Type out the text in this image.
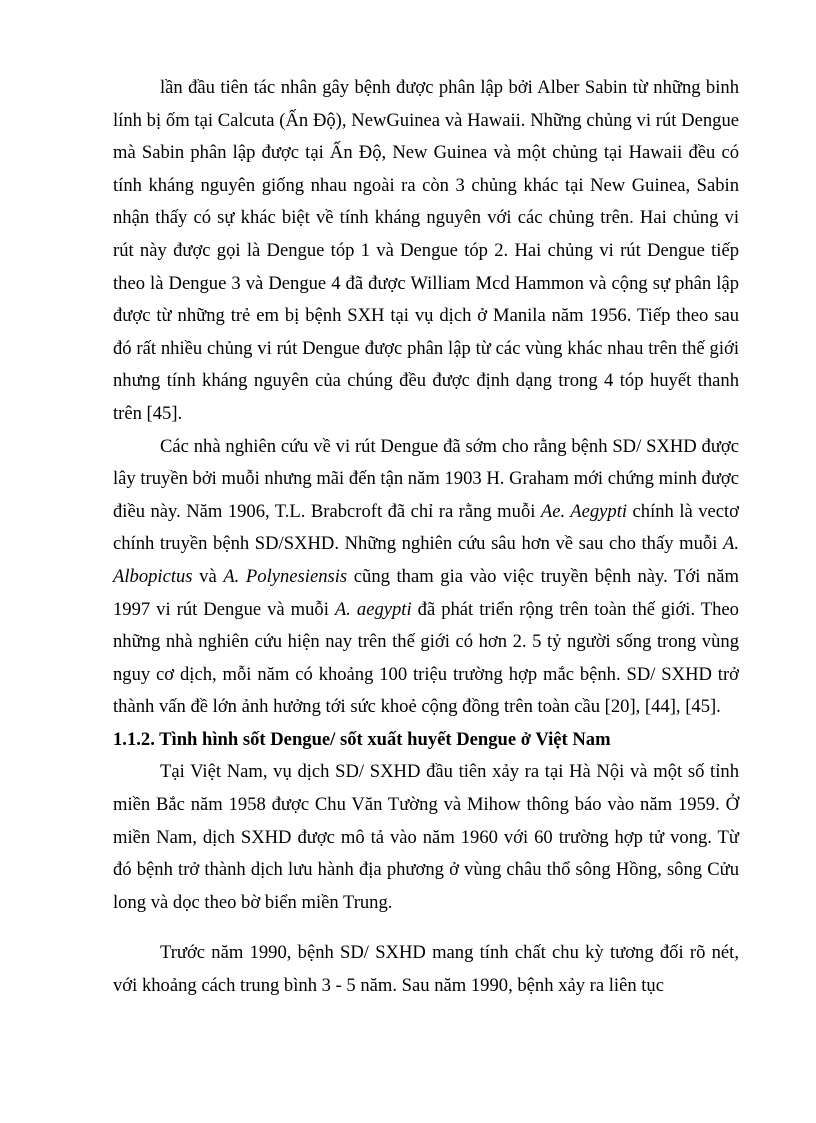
lần đầu tiên tác nhân gây bệnh được phân lập bởi Alber Sabin từ những binh lính bị ốm tại Calcuta (Ấn Độ), NewGuinea và Hawaii. Những chủng vi rút Dengue mà Sabin phân lập được tại Ấn Độ, New Guinea và một chủng tại Hawaii đều có tính kháng nguyên giống nhau ngoài ra còn 3 chủng khác tại New Guinea, Sabin nhận thấy có sự khác biệt về tính kháng nguyên với các chủng trên. Hai chủng vi rút này được gọi là Dengue tóp 1 và Dengue tóp 2. Hai chủng vi rút Dengue tiếp theo là Dengue 3 và Dengue 4 đã được William Mcd Hammon và cộng sự phân lập được từ những trẻ em bị bệnh SXH tại vụ dịch ở Manila năm 1956. Tiếp theo sau đó rất nhiều chủng vi rút Dengue được phân lập từ các vùng khác nhau trên thế giới nhưng tính kháng nguyên của chúng đều được định dạng trong 4 tóp huyết thanh trên [45].

Các nhà nghiên cứu về vi rút Dengue đã sớm cho rằng bệnh SD/ SXHD được lây truyền bởi muỗi nhưng mãi đến tận năm 1903 H. Graham mới chứng minh được điều này. Năm 1906, T.L. Brabcroft đã chỉ ra rằng muỗi Ae. Aegypti chính là vectơ chính truyền bệnh SD/SXHD. Những nghiên cứu sâu hơn về sau cho thấy muỗi A. Albopictus và A. Polynesiensis cũng tham gia vào việc truyền bệnh này. Tới năm 1997 vi rút Dengue và muỗi A. aegypti đã phát triển rộng trên toàn thế giới. Theo những nhà nghiên cứu hiện nay trên thế giới có hơn 2. 5 tỷ người sống trong vùng nguy cơ dịch, mỗi năm có khoảng 100 triệu trường hợp mắc bệnh. SD/ SXHD trở thành vấn đề lớn ảnh hưởng tới sức khoẻ cộng đồng trên toàn cầu [20], [44], [45].

1.1.2. Tình hình sốt Dengue/ sốt xuất huyết Dengue ở Việt Nam

Tại Việt Nam, vụ dịch SD/ SXHD đầu tiên xảy ra tại Hà Nội và một số tỉnh miền Bắc năm 1958 được Chu Văn Tường và Mihow thông báo vào năm 1959. Ở miền Nam, dịch SXHD được mô tả vào năm 1960 với 60 trường hợp tử vong. Từ đó bệnh trở thành dịch lưu hành địa phương ở vùng châu thổ sông Hồng, sông Cửu long và dọc theo bờ biển miền Trung.

Trước năm 1990, bệnh SD/ SXHD mang tính chất chu kỳ tương đối rõ nét, với khoảng cách trung bình 3 - 5 năm. Sau năm 1990, bệnh xảy ra liên tục
